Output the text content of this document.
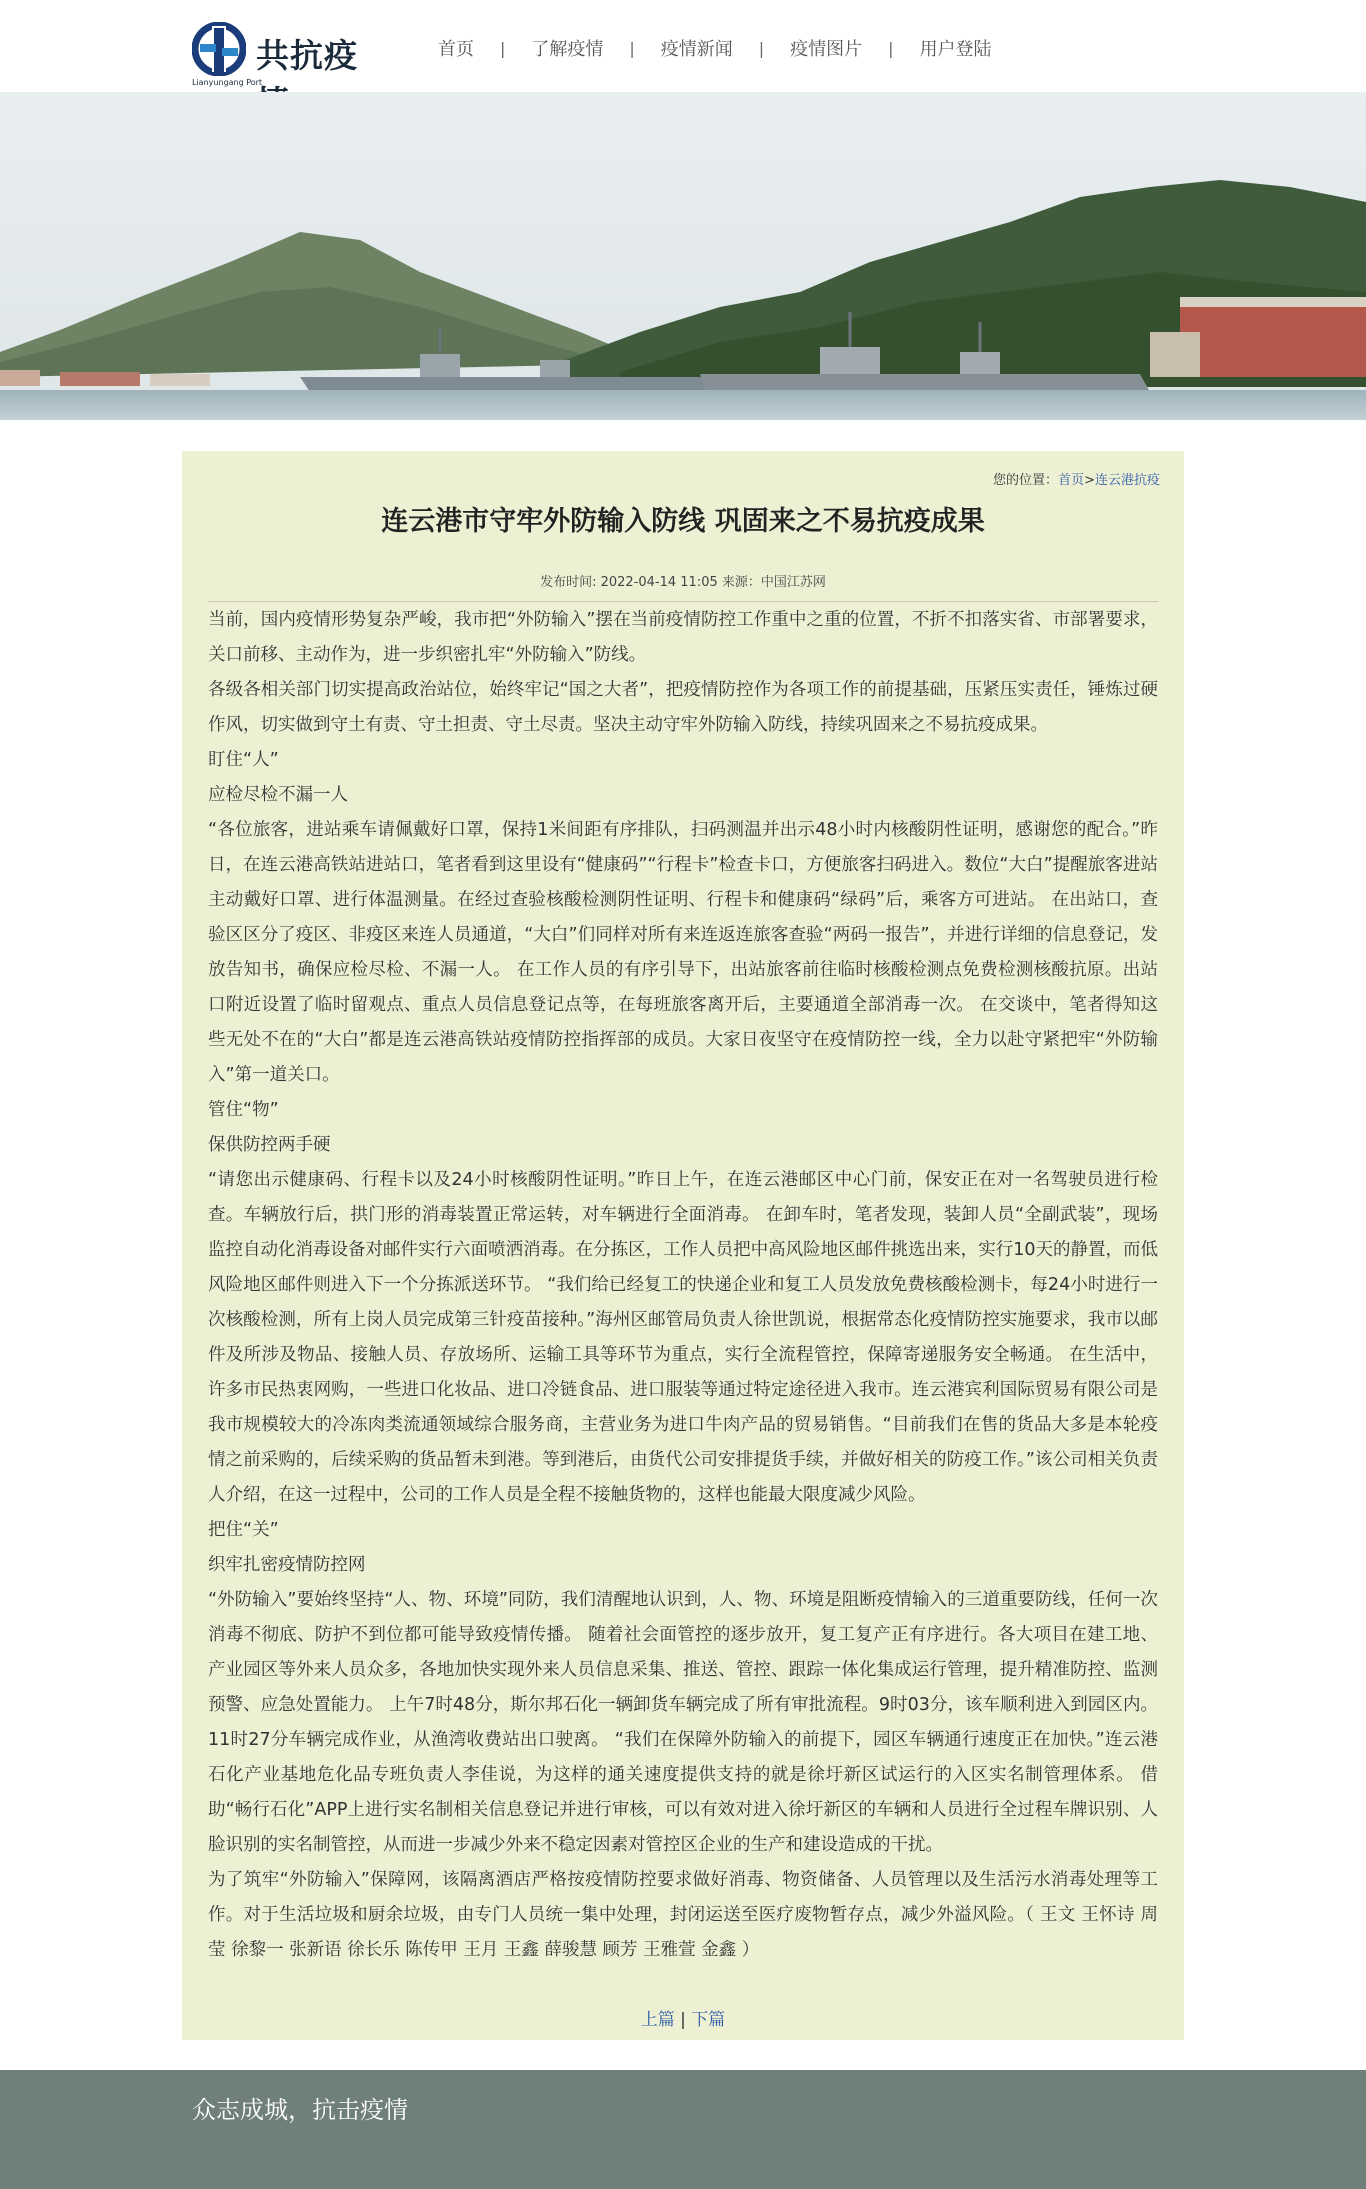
共抗疫
Lianyungang Port
首页	|	了解疫情	|	疫情新闻	|	疫情图片	|	用户登陆
您的位置：首页>连云港抗疫
连云港市守牢外防输入防线 巩固来之不易抗疫成果
发布时间: 2022-04-14 11:05 来源：中国江苏网

当前，国内疫情形势复杂严峻，我市把“外防输入”摆在当前疫情防控工作重中之重的位置，不折不扣落实省、市部署要求，关口前移、主动作为，进一步织密扎牢“外防输入”防线。

各级各相关部门切实提高政治站位，始终牢记“国之大者”，把疫情防控作为各项工作的前提基础，压紧压实责任，锤炼过硬作风，切实做到守土有责、守土担责、守土尽责。坚决主动守牢外防输入防线，持续巩固来之不易抗疫成果。

盯住“人”

应检尽检不漏一人

“各位旅客，进站乘车请佩戴好口罩，保持1米间距有序排队，扫码测温并出示48小时内核酸阴性证明，感谢您的配合。”昨日，在连云港高铁站进站口，笔者看到这里设有“健康码”“行程卡”检查卡口，方便旅客扫码进入。数位“大白”提醒旅客进站主动戴好口罩、进行体温测量。在经过查验核酸检测阴性证明、行程卡和健康码“绿码”后，乘客方可进站。 在出站口，查验区区分了疫区、非疫区来连人员通道，“大白”们同样对所有来连返连旅客查验“两码一报告”，并进行详细的信息登记，发放告知书，确保应检尽检、不漏一人。 在工作人员的有序引导下，出站旅客前往临时核酸检测点免费检测核酸抗原。出站口附近设置了临时留观点、重点人员信息登记点等，在每班旅客离开后，主要通道全部消毒一次。 在交谈中，笔者得知这些无处不在的“大白”都是连云港高铁站疫情防控指挥部的成员。大家日夜坚守在疫情防控一线，全力以赴守紧把牢“外防输入”第一道关口。

管住“物”

保供防控两手硬

“请您出示健康码、行程卡以及24小时核酸阴性证明。”昨日上午，在连云港邮区中心门前，保安正在对一名驾驶员进行检查。车辆放行后，拱门形的消毒装置正常运转，对车辆进行全面消毒。 在卸车时，笔者发现，装卸人员“全副武装”，现场监控自动化消毒设备对邮件实行六面喷洒消毒。在分拣区，工作人员把中高风险地区邮件挑选出来，实行10天的静置，而低风险地区邮件则进入下一个分拣派送环节。 “我们给已经复工的快递企业和复工人员发放免费核酸检测卡，每24小时进行一次核酸检测，所有上岗人员完成第三针疫苗接种。”海州区邮管局负责人徐世凯说，根据常态化疫情防控实施要求，我市以邮件及所涉及物品、接触人员、存放场所、运输工具等环节为重点，实行全流程管控，保障寄递服务安全畅通。 在生活中，许多市民热衷网购，一些进口化妆品、进口冷链食品、进口服装等通过特定途径进入我市。连云港宾利国际贸易有限公司是我市规模较大的冷冻肉类流通领域综合服务商，主营业务为进口牛肉产品的贸易销售。“目前我们在售的货品大多是本轮疫情之前采购的，后续采购的货品暂未到港。等到港后，由货代公司安排提货手续，并做好相关的防疫工作。”该公司相关负责人介绍，在这一过程中，公司的工作人员是全程不接触货物的，这样也能最大限度减少风险。

把住“关”

织牢扎密疫情防控网

“外防输入”要始终坚持“人、物、环境”同防，我们清醒地认识到，人、物、环境是阻断疫情输入的三道重要防线，任何一次消毒不彻底、防护不到位都可能导致疫情传播。 随着社会面管控的逐步放开，复工复产正有序进行。各大项目在建工地、产业园区等外来人员众多，各地加快实现外来人员信息采集、推送、管控、跟踪一体化集成运行管理，提升精准防控、监测预警、应急处置能力。 上午7时48分，斯尔邦石化一辆卸货车辆完成了所有审批流程。9时03分，该车顺利进入到园区内。11时27分车辆完成作业，从渔湾收费站出口驶离。 “我们在保障外防输入的前提下，园区车辆通行速度正在加快。”连云港石化产业基地危化品专班负责人李佳说，为这样的通关速度提供支持的就是徐圩新区试运行的入区实名制管理体系。 借助“畅行石化”APP上进行实名制相关信息登记并进行审核，可以有效对进入徐圩新区的车辆和人员进行全过程车牌识别、人脸识别的实名制管控，从而进一步减少外来不稳定因素对管控区企业的生产和建设造成的干扰。

为了筑牢“外防输入”保障网，该隔离酒店严格按疫情防控要求做好消毒、物资储备、人员管理以及生活污水消毒处理等工作。对于生活垃圾和厨余垃圾，由专门人员统一集中处理，封闭运送至医疗废物暂存点，减少外溢风险。（ 王文 王怀诗 周莹 徐黎一 张新语 徐长乐 陈传甲 王月 王鑫 薛骏慧 顾芳 王雅萱 金鑫 ）

上篇 | 下篇
众志成城，抗击疫情
